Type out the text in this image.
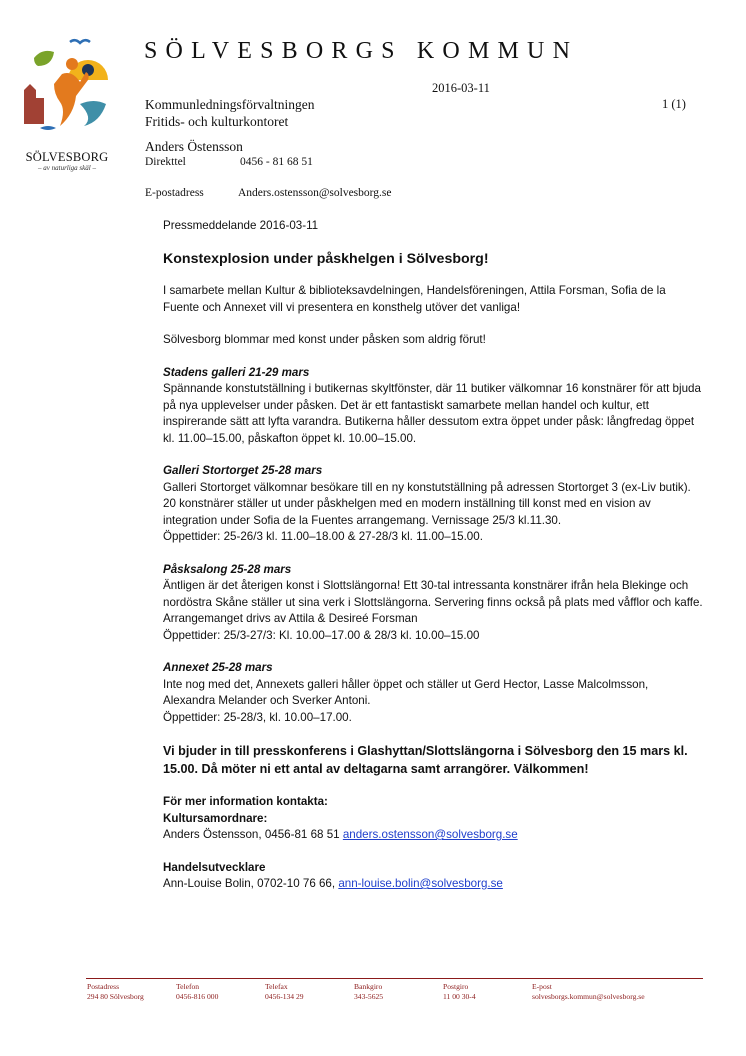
SÖLVESBORG
– av naturliga skäl –
SÖLVESBORGS KOMMUN
2016-03-11
Kommunledningsförvaltningen	1 (1)
Fritids- och kulturkontoret
Anders Östensson
Direkttel	0456 - 81 68 51
E-postadress	Anders.ostensson@solvesborg.se

Pressmeddelande 2016-03-11

Konstexplosion under påskhelgen i Sölvesborg!

I samarbete mellan Kultur & biblioteksavdelningen, Handelsföreningen, Attila Forsman, Sofia de la Fuente och Annexet vill vi presentera en konsthelg utöver det vanliga!

Sölvesborg blommar med konst under påsken som aldrig förut!

Stadens galleri 21-29 mars

Spännande konstutställning i butikernas skyltfönster, där 11 butiker välkomnar 16 konstnärer för att bjuda på nya upplevelser under påsken. Det är ett fantastiskt samarbete mellan handel och kultur, ett inspirerande sätt att lyfta varandra. Butikerna håller dessutom extra öppet under påsk: långfredag öppet kl. 11.00–15.00, påskafton öppet kl. 10.00–15.00.

Galleri Stortorget 25-28 mars

Galleri Stortorget välkomnar besökare till en ny konstutställning på adressen Stortorget 3 (ex-Liv butik). 20 konstnärer ställer ut under påskhelgen med en modern inställning till konst med en vision av integration under Sofia de la Fuentes arrangemang. Vernissage 25/3 kl.11.30.

Öppettider: 25-26/3 kl. 11.00–18.00 & 27-28/3 kl. 11.00–15.00.

Påsksalong 25-28 mars

Äntligen är det återigen konst i Slottslängorna! Ett 30-tal intressanta konstnärer ifrån hela Blekinge och nordöstra Skåne ställer ut sina verk i Slottslängorna. Servering finns också på plats med våfflor och kaffe. Arrangemanget drivs av Attila & Desireé Forsman

Öppettider: 25/3-27/3: Kl. 10.00–17.00 & 28/3 kl. 10.00–15.00

Annexet 25-28 mars

Inte nog med det, Annexets galleri håller öppet och ställer ut Gerd Hector, Lasse Malcolmsson, Alexandra Melander och Sverker Antoni.

Öppettider: 25-28/3, kl. 10.00–17.00.

Vi bjuder in till presskonferens i Glashyttan/Slottslängorna i Sölvesborg den 15 mars kl. 15.00. Då möter ni ett antal av deltagarna samt arrangörer. Välkommen!

För mer information kontakta:

Kultursamordnare:

Anders Östensson, 0456-81 68 51 anders.ostensson@solvesborg.se

Handelsutvecklare

Ann-Louise Bolin, 0702-10 76 66, ann-louise.bolin@solvesborg.se

Postadress
294 80 Sölvesborg
Telefon
0456-816 000
Telefax
0456-134 29
Bankgiro
343-5625
Postgiro
11 00 30-4
E-post
solvesborgs.kommun@solvesborg.se
